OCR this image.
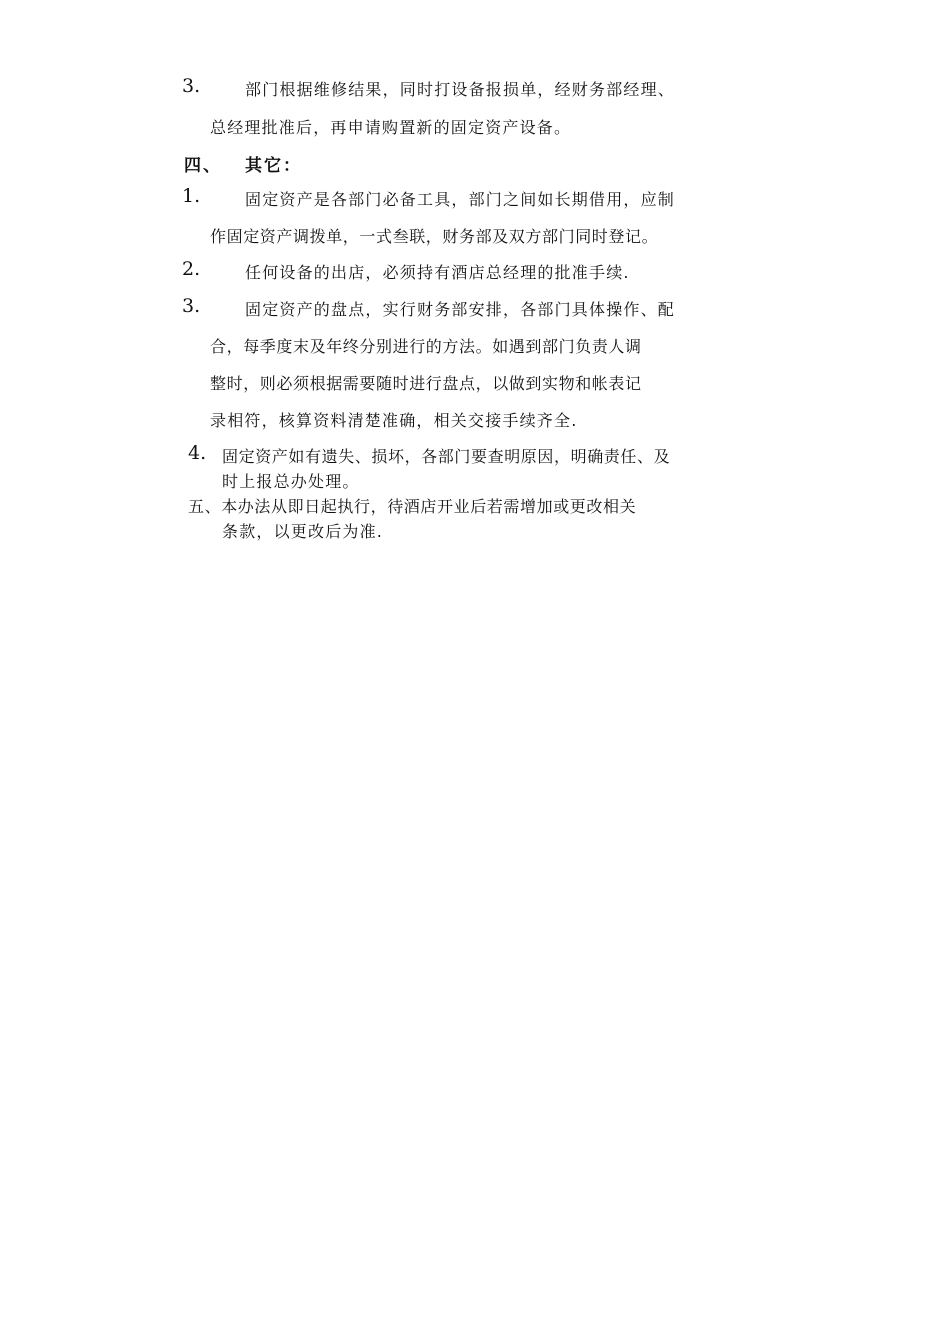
3.	部门根据维修结果，同时打设备报损单，经财务部经理、
总经理批准后，再申请购置新的固定资产设备。
四、 其它：
1.	固定资产是各部门必备工具，部门之间如长期借用，应制
作固定资产调拨单，一式叁联，财务部及双方部门同时登记。
2.	任何设备的出店，必须持有酒店总经理的批准手续.
3.	固定资产的盘点，实行财务部安排，各部门具体操作、配
合，每季度末及年终分别进行的方法。如遇到部门负责人调
整时，则必须根据需要随时进行盘点，以做到实物和帐表记
录相符，核算资料清楚准确，相关交接手续齐全.
4. 固定资产如有遗失、损坏，各部门要查明原因，明确责任、及
时上报总办处理。
五、本办法从即日起执行，待酒店开业后若需增加或更改相关
条款，以更改后为准.
